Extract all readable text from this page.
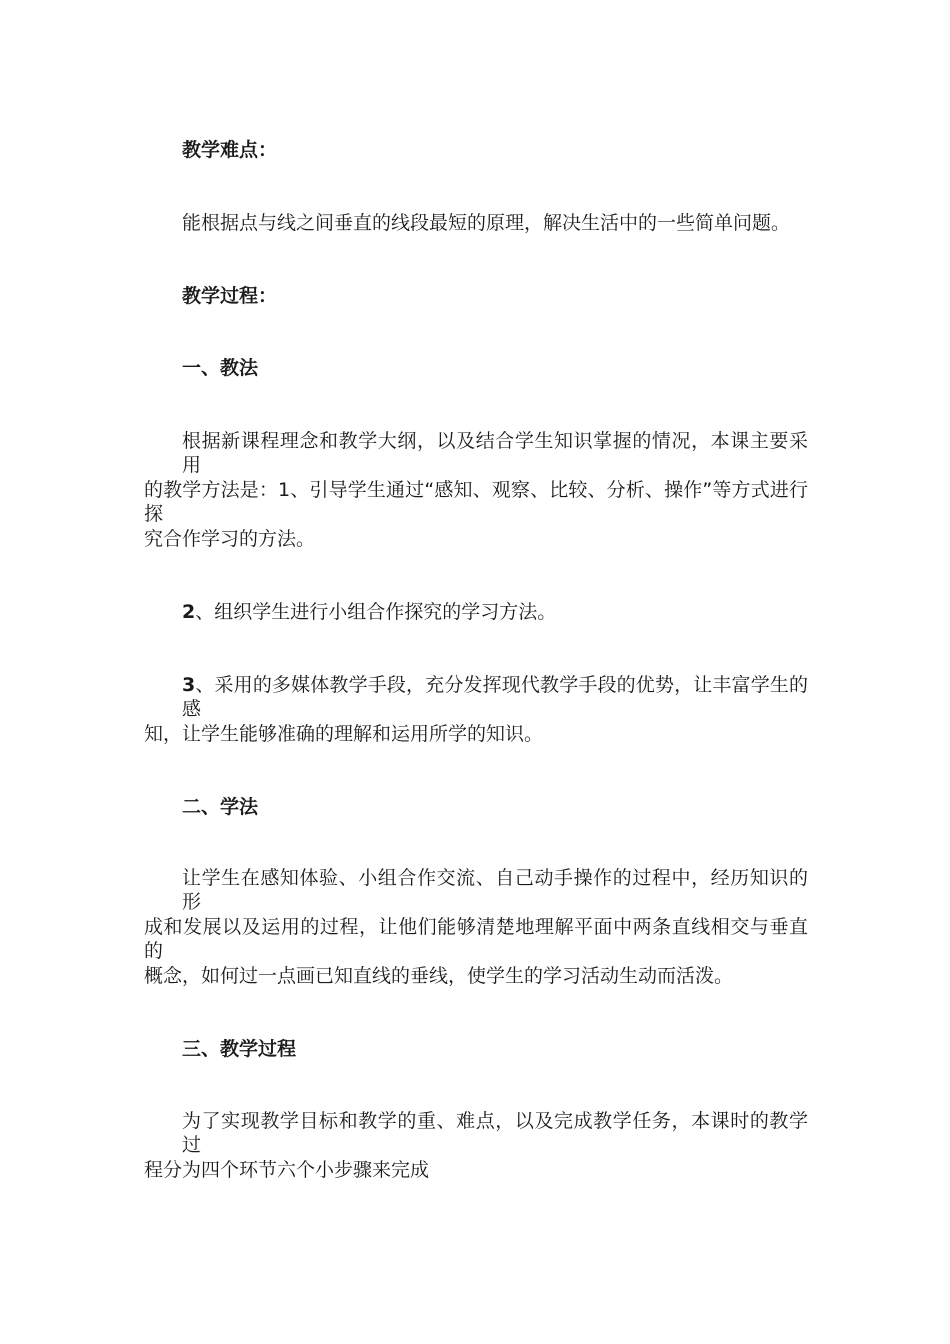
教学难点：
能根据点与线之间垂直的线段最短的原理，解决生活中的一些简单问题。
教学过程：
一、教法
根据新课程理念和教学大纲，以及结合学生知识掌握的情况，本课主要采用
的教学方法是：1、引导学生通过“感知、观察、比较、分析、操作”等方式进行探
究合作学习的方法。
2、组织学生进行小组合作探究的学习方法。
3、采用的多媒体教学手段，充分发挥现代教学手段的优势，让丰富学生的感
知，让学生能够准确的理解和运用所学的知识。
二、学法
让学生在感知体验、小组合作交流、自己动手操作的过程中，经历知识的形
成和发展以及运用的过程，让他们能够清楚地理解平面中两条直线相交与垂直的
概念，如何过一点画已知直线的垂线，使学生的学习活动生动而活泼。
三、教学过程
为了实现教学目标和教学的重、难点，以及完成教学任务，本课时的教学过
程分为四个环节六个小步骤来完成
